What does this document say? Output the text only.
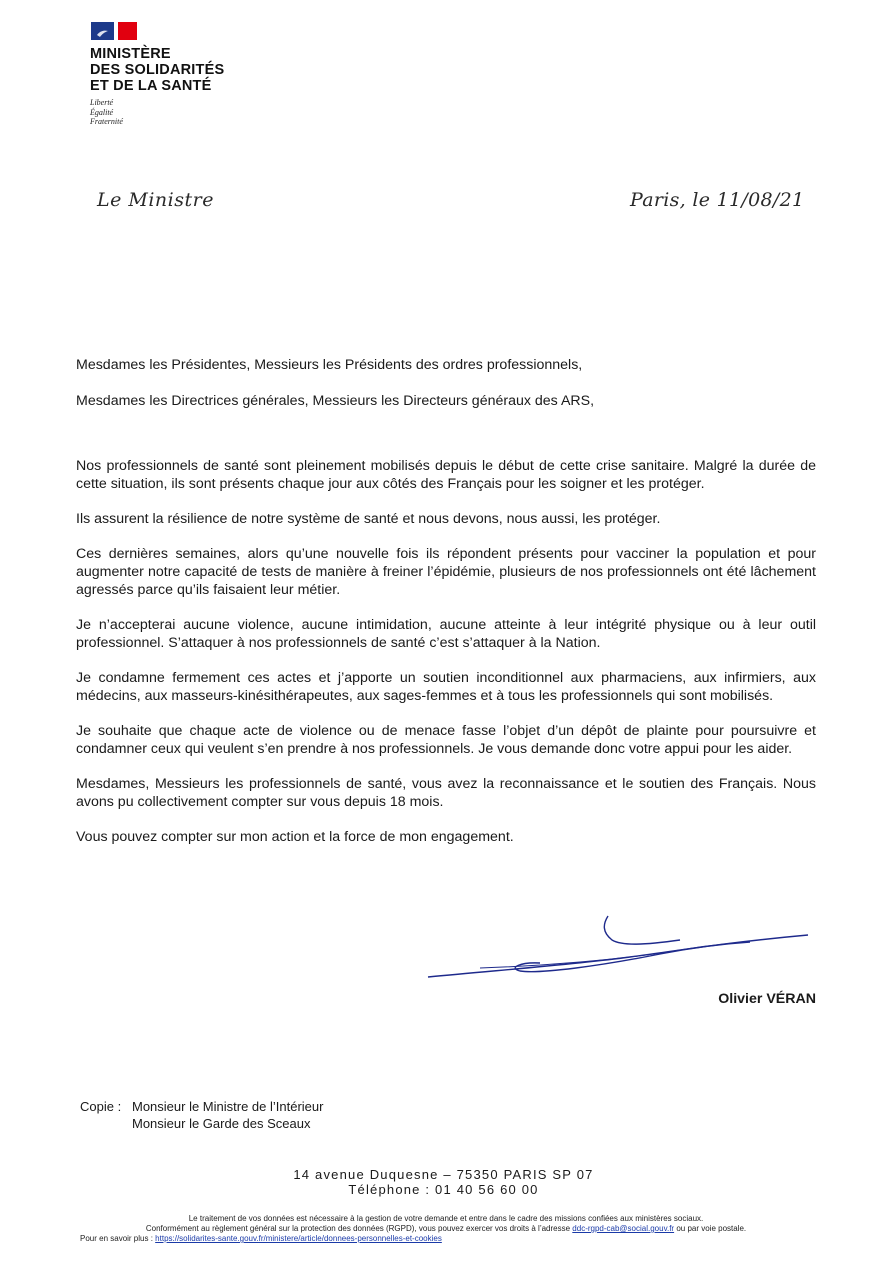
MINISTÈRE
DES SOLIDARITÉS
ET DE LA SANTÉ
Liberté
Égalité
Fraternité
Le Ministre	Paris, le 11/08/21

Mesdames les Présidentes, Messieurs les Présidents des ordres professionnels,

Mesdames les Directrices générales, Messieurs les Directeurs généraux des ARS,

Nos professionnels de santé sont pleinement mobilisés depuis le début de cette crise sanitaire. Malgré la durée de cette situation, ils sont présents chaque jour aux côtés des Français pour les soigner et les protéger.

Ils assurent la résilience de notre système de santé et nous devons, nous aussi, les protéger.

Ces dernières semaines, alors qu’une nouvelle fois ils répondent présents pour vacciner la population et pour augmenter notre capacité de tests de manière à freiner l’épidémie, plusieurs de nos professionnels ont été lâchement agressés parce qu’ils faisaient leur métier.

Je n’accepterai aucune violence, aucune intimidation, aucune atteinte à leur intégrité physique ou à leur outil professionnel. S’attaquer à nos professionnels de santé c’est s’attaquer à la Nation.

Je condamne fermement ces actes et j’apporte un soutien inconditionnel aux pharmaciens, aux infirmiers, aux médecins, aux masseurs-kinésithérapeutes, aux sages-femmes et à tous les professionnels qui sont mobilisés.

Je souhaite que chaque acte de violence ou de menace fasse l’objet d’un dépôt de plainte pour poursuivre et condamner ceux qui veulent s’en prendre à nos professionnels. Je vous demande donc votre appui pour les aider.

Mesdames, Messieurs les professionnels de santé, vous avez la reconnaissance et le soutien des Français. Nous avons pu collectivement compter sur vous depuis 18 mois.

Vous pouvez compter sur mon action et la force de mon engagement.

Olivier VÉRAN
Copie : Monsieur le Ministre de l’Intérieur
Monsieur le Garde des Sceaux
14 avenue Duquesne – 75350 PARIS SP 07
Téléphone : 01 40 56 60 00
Le traitement de vos données est nécessaire à la gestion de votre demande et entre dans le cadre des missions confiées aux ministères sociaux.
Conformément au règlement général sur la protection des données (RGPD), vous pouvez exercer vos droits à l’adresse ddc-rgpd-cab@social.gouv.fr ou par voie postale.
Pour en savoir plus : https://solidarites-sante.gouv.fr/ministere/article/donnees-personnelles-et-cookies
